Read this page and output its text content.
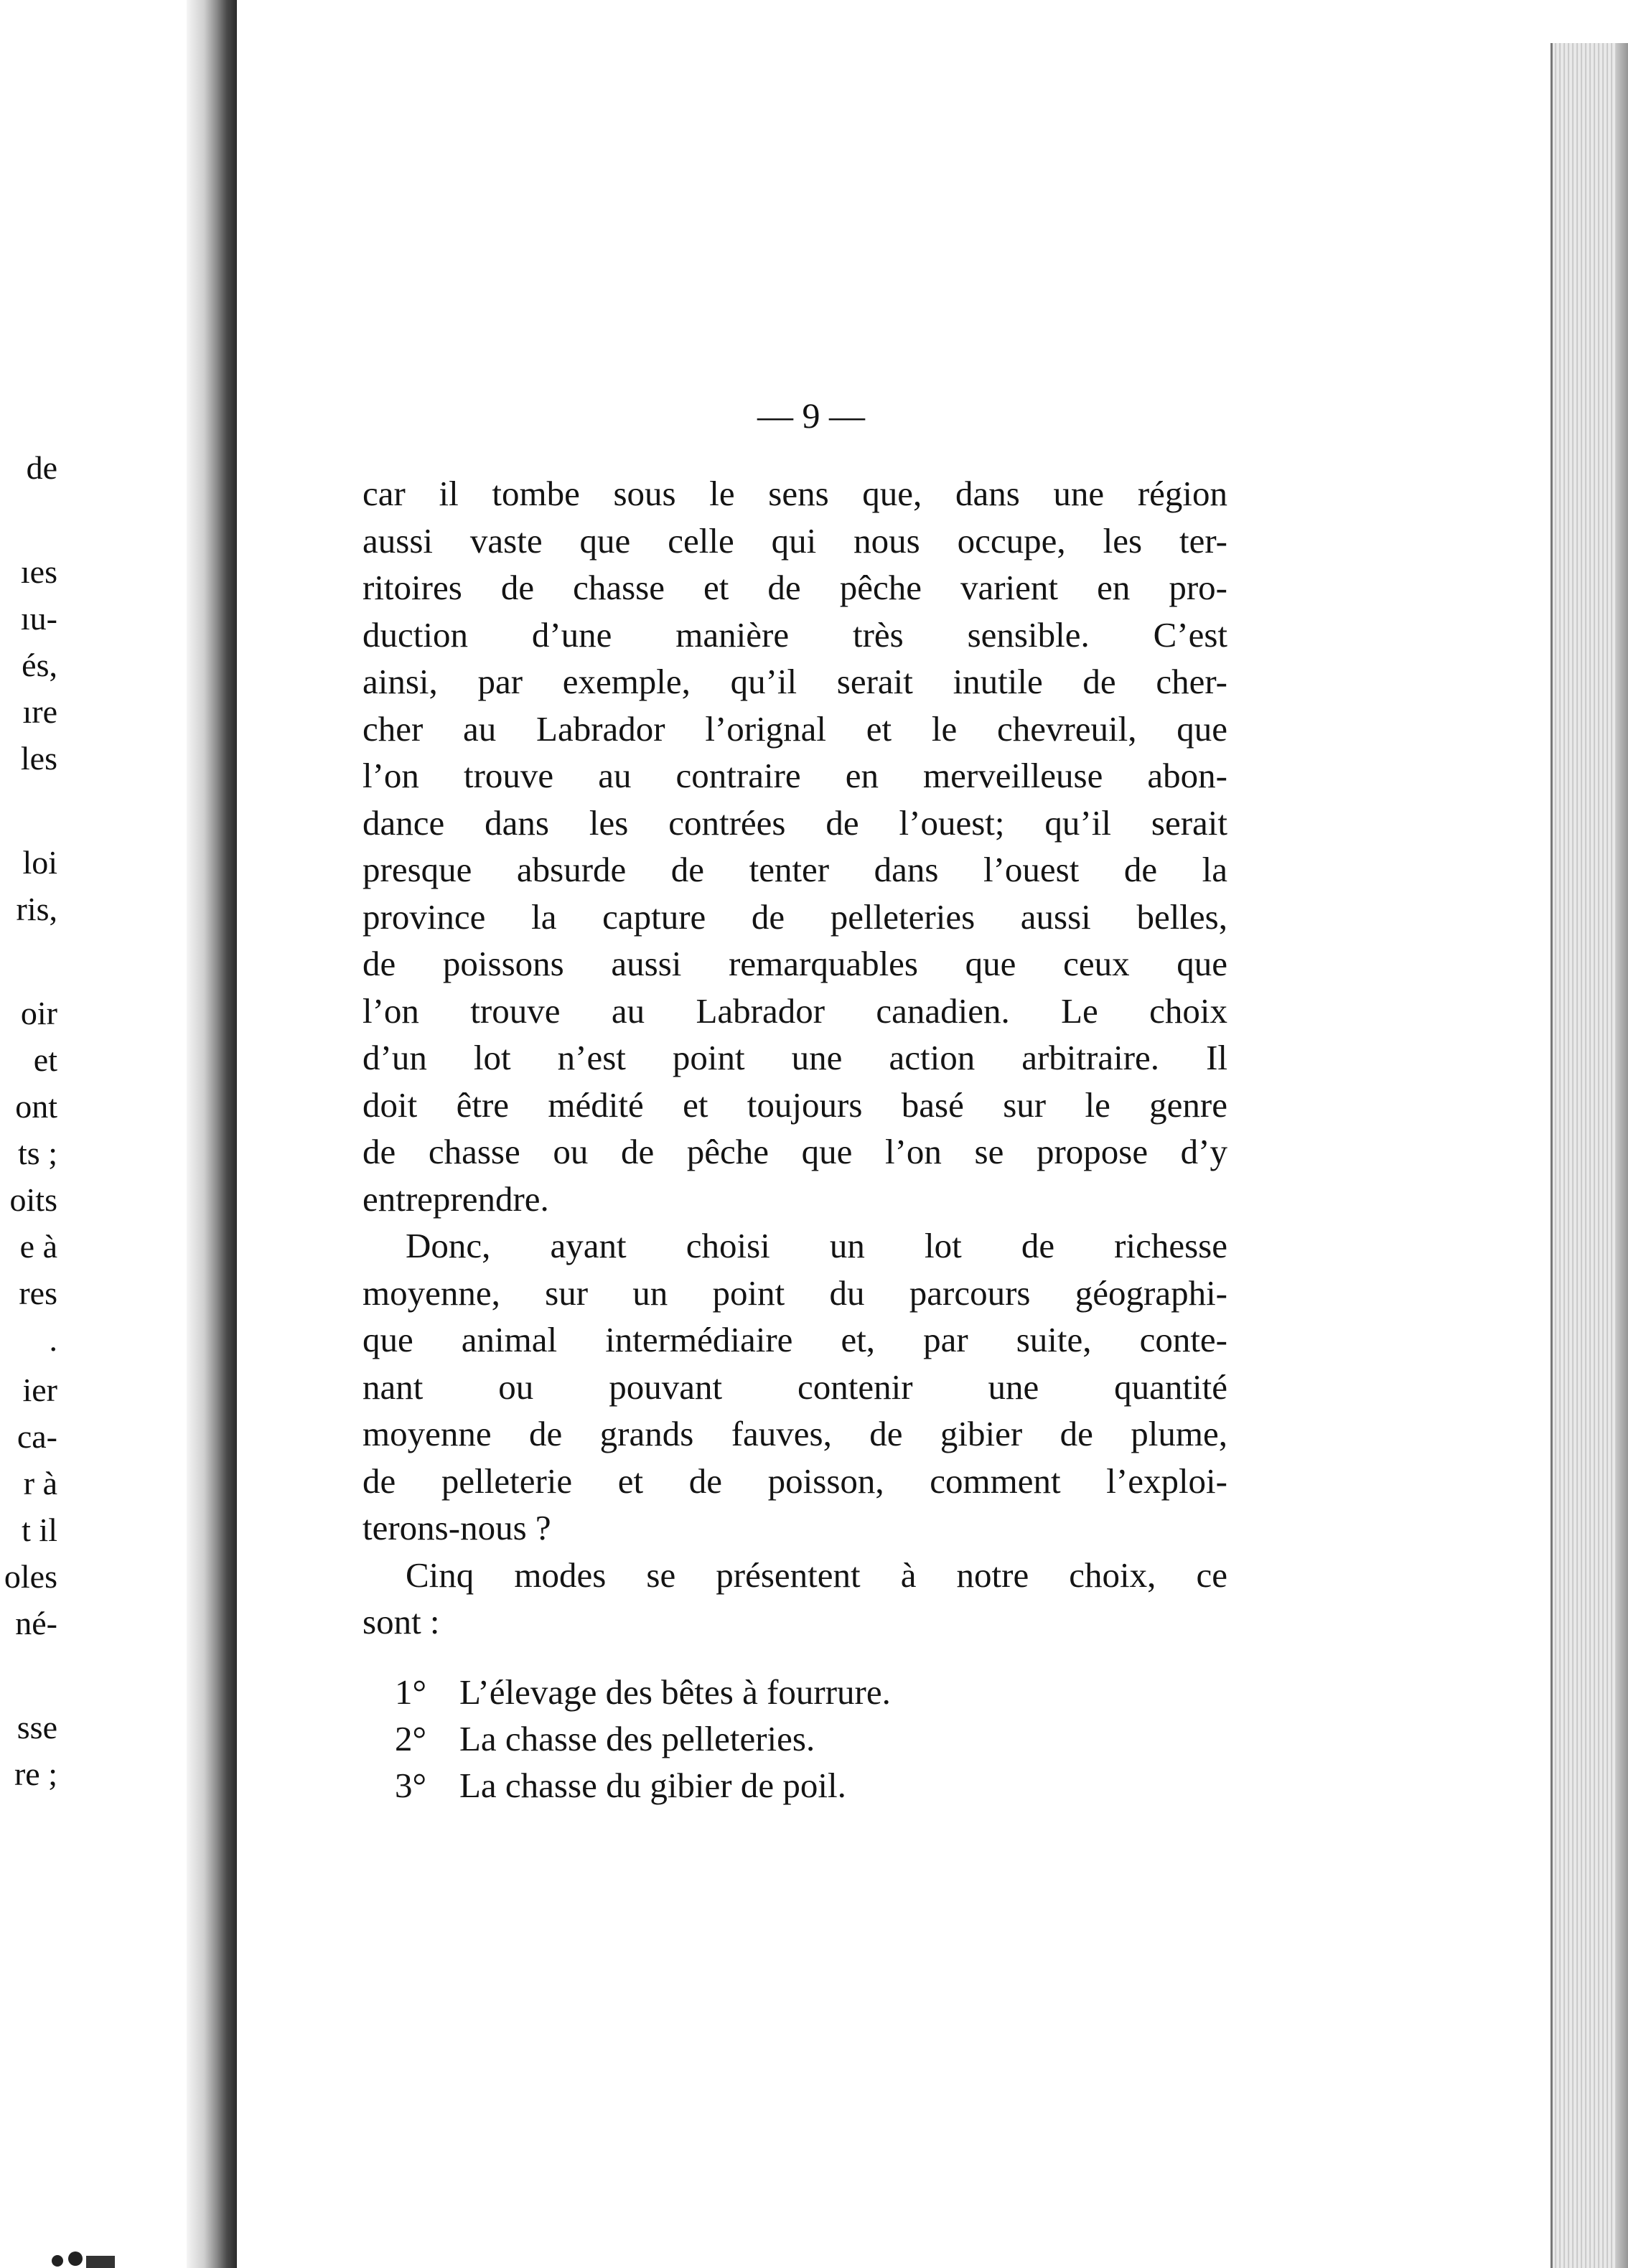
de
ıes
ıu-
és,
ıre
les
loi
ris,
oir
et
ont
ts ;
oits
e à
res
.
ier
ca-
r à
t il
oles
né-
sse
re ;
— 9 —
car il tombe sous le sens que, dans une région
aussi vaste que celle qui nous occupe, les ter-
ritoires de chasse et de pêche varient en pro-
duction d’une manière très sensible. C’est
ainsi, par exemple, qu’il serait inutile de cher-
cher au Labrador l’orignal et le chevreuil, que
l’on trouve au contraire en merveilleuse abon-
dance dans les contrées de l’ouest; qu’il serait
presque absurde de tenter dans l’ouest de la
province la capture de pelleteries aussi belles,
de poissons aussi remarquables que ceux que
l’on trouve au Labrador canadien. Le choix
d’un lot n’est point une action arbitraire. Il
doit être médité et toujours basé sur le genre
de chasse ou de pêche que l’on se propose d’y
entreprendre.
Donc, ayant choisi un lot de richesse
moyenne, sur un point du parcours géographi-
que animal intermédiaire et, par suite, conte-
nant ou pouvant contenir une quantité
moyenne de grands fauves, de gibier de plume,
de pelleterie et de poisson, comment l’exploi-
terons-nous ?
Cinq modes se présentent à notre choix, ce
sont :
1° L’élevage des bêtes à fourrure.
2° La chasse des pelleteries.
3° La chasse du gibier de poil.
